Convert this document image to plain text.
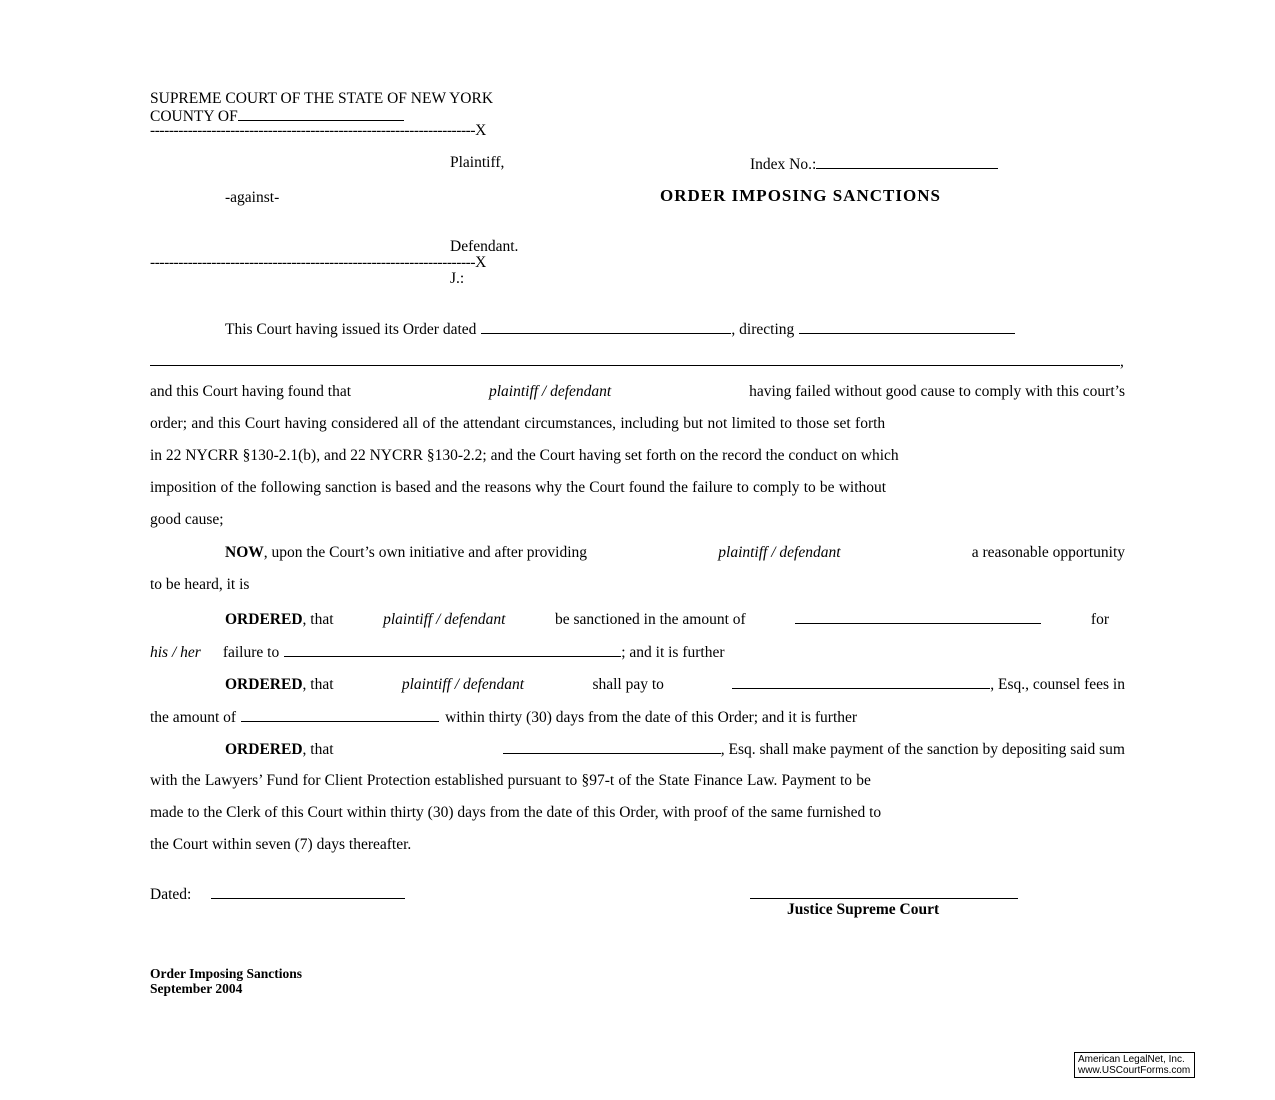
SUPREME COURT OF THE STATE OF NEW YORK
COUNTY OF
---------------------------------------------------------------------X
Plaintiff,	Index No.:
ORDER IMPOSING SANCTIONS
-against-
Defendant.
---------------------------------------------------------------------X
J.:
This Court having issued its Order dated	, directing
,
and this Court having found that	plaintiff / defendant	having failed without good cause to comply with this court’s
order; and this Court having considered all of the attendant circumstances, including but not limited to those set forth
in 22 NYCRR §130-2.1(b), and 22 NYCRR §130-2.2; and the Court having set forth on the record the conduct on which
imposition of the following sanction is based and the reasons why the Court found the failure to comply to be without
good cause;
NOW, upon the Court’s own initiative and after providing	plaintiff / defendant	a reasonable opportunity
to be heard, it is
ORDERED, that	plaintiff / defendant	be sanctioned in the amount of	for
his / her failure to	; and it is further
ORDERED, that	plaintiff / defendant	shall pay to	, Esq., counsel fees in
the amount of	within thirty (30) days from the date of this Order; and it is further
ORDERED, that	, Esq. shall make payment of the sanction by depositing said sum
with the Lawyers’ Fund for Client Protection established pursuant to §97-t of the State Finance Law. Payment to be
made to the Clerk of this Court within thirty (30) days from the date of this Order, with proof of the same furnished to
the Court within seven (7) days thereafter.
Dated:
Justice Supreme Court
Order Imposing Sanctions
September 2004
American LegalNet, Inc.
www.USCourtForms.com
